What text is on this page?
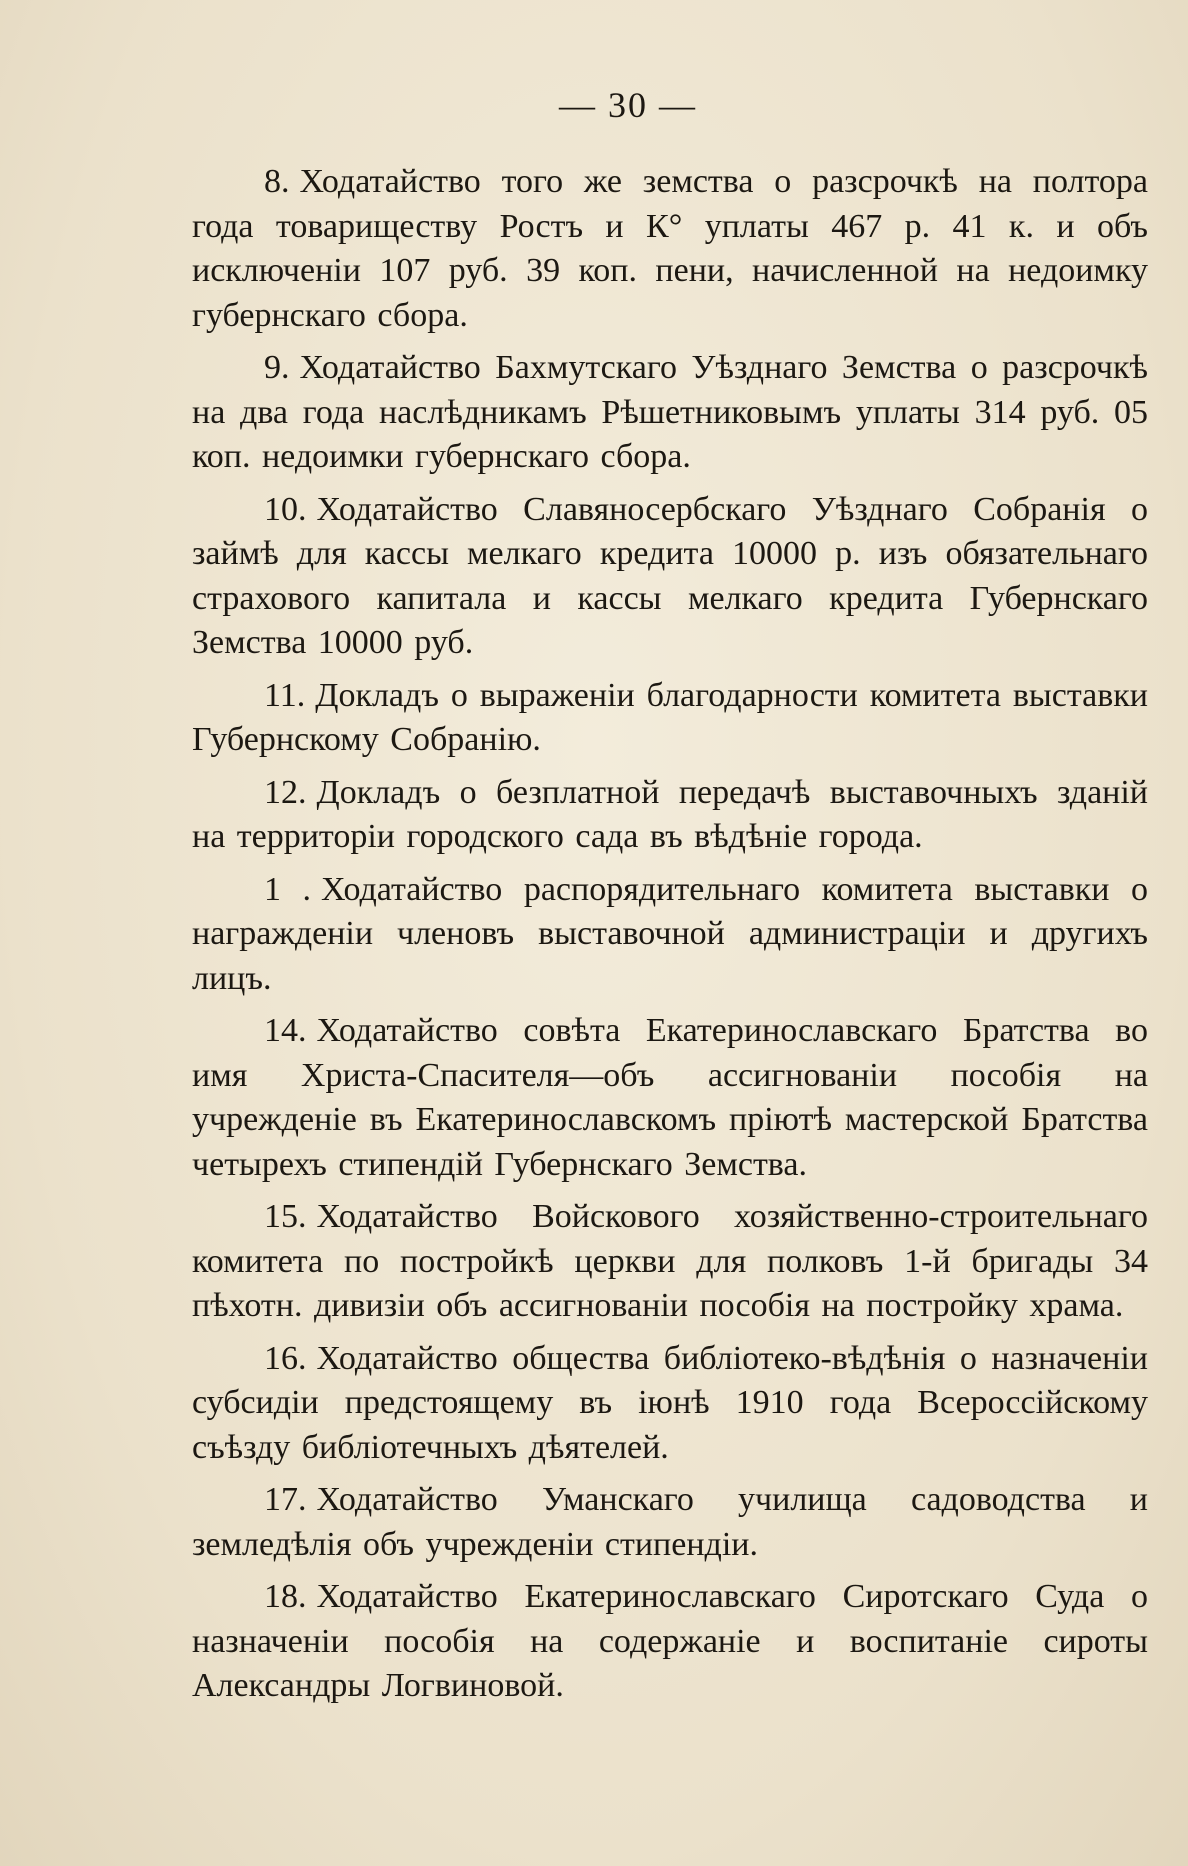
— 30 —

8. Ходатайство того же земства о разсрочкѣ на полтора года товариществу Ростъ и К° уплаты 467 р. 41 к. и объ исключеніи 107 руб. 39 коп. пени, начисленной на недоимку губернскаго сбора.

9. Ходатайство Бахмутскаго Уѣзднаго Земства о разсрочкѣ на два года наслѣдникамъ Рѣшетниковымъ уплаты 314 руб. 05 коп. недоимки губернскаго сбора.

10. Ходатайство Славяносербскаго Уѣзднаго Собранія о займѣ для кассы мелкаго кредита 10000 р. изъ обязательнаго страхового капитала и кассы мелкаго кредита Губернскаго Земства 10000 руб.

11. Докладъ о выраженіи благодарности комитета выставки Губернскому Собранію.

12. Докладъ о безплатной передачѣ выставочныхъ зданій на территоріи городского сада въ вѣдѣніе города.

1 . Ходатайство распорядительнаго комитета выставки о награжденіи членовъ выставочной администраціи и другихъ лицъ.

14. Ходатайство совѣта Екатеринославскаго Братства во имя Христа-Спасителя—объ ассигнованіи пособія на учрежденіе въ Екатеринославскомъ пріютѣ мастерской Братства четырехъ стипендій Губернскаго Земства.

15. Ходатайство Войскового хозяйственно-строительнаго комитета по постройкѣ церкви для полковъ 1-й бригады 34 пѣхотн. дивизіи объ ассигнованіи пособія на постройку храма.

16. Ходатайство общества библіотеко-вѣдѣнія о назначеніи субсидіи предстоящему въ іюнѣ 1910 года Всероссійскому съѣзду библіотечныхъ дѣятелей.

17. Ходатайство Уманскаго училища садоводства и земледѣлія объ учрежденіи стипендіи.

18. Ходатайство Екатеринославскаго Сиротскаго Суда о назначеніи пособія на содержаніе и воспитаніе сироты Александры Логвиновой.
